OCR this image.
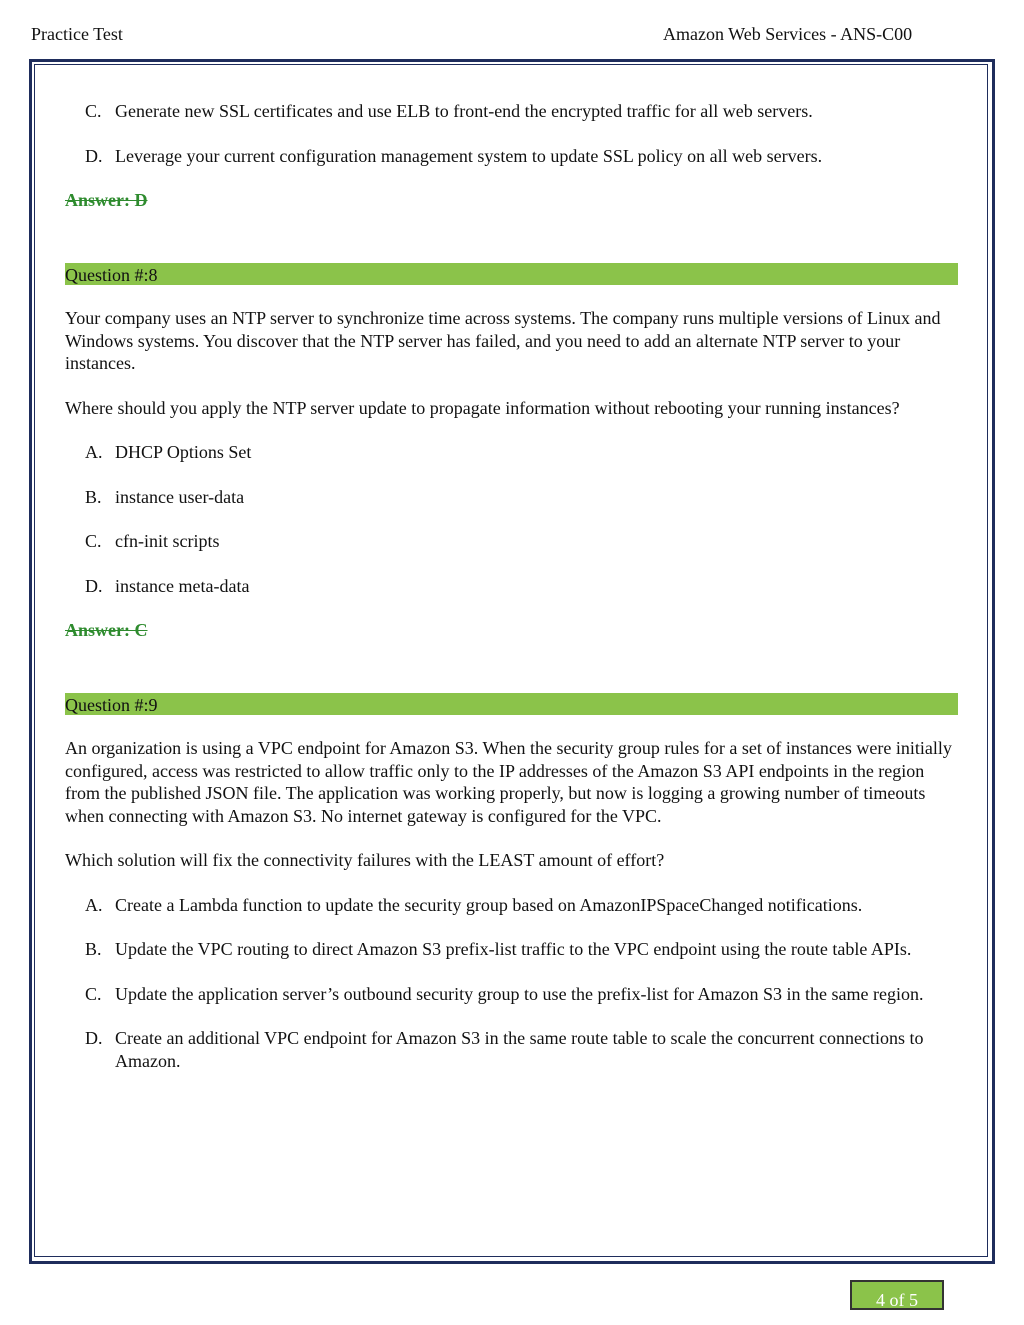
Practice Test	Amazon Web Services - ANS-C00
C. Generate new SSL certificates and use ELB to front-end the encrypted traffic for all web servers.
D. Leverage your current configuration management system to update SSL policy on all web servers.
Answer: D
Question #:8

Your company uses an NTP server to synchronize time across systems. The company runs multiple versions of Linux and Windows systems. You discover that the NTP server has failed, and you need to add an alternate NTP server to your instances.

Where should you apply the NTP server update to propagate information without rebooting your running instances?

A. DHCP Options Set
B. instance user-data
C. cfn-init scripts
D. instance meta-data
Answer: C
Question #:9

An organization is using a VPC endpoint for Amazon S3. When the security group rules for a set of instances were initially configured, access was restricted to allow traffic only to the IP addresses of the Amazon S3 API endpoints in the region from the published JSON file. The application was working properly, but now is logging a growing number of timeouts when connecting with Amazon S3. No internet gateway is configured for the VPC.

Which solution will fix the connectivity failures with the LEAST amount of effort?

A. Create a Lambda function to update the security group based on AmazonIPSpaceChanged notifications.
B. Update the VPC routing to direct Amazon S3 prefix-list traffic to the VPC endpoint using the route table APIs.
C. Update the application server’s outbound security group to use the prefix-list for Amazon S3 in the same region.
D. Create an additional VPC endpoint for Amazon S3 in the same route table to scale the concurrent connections to Amazon.
4 of 5
